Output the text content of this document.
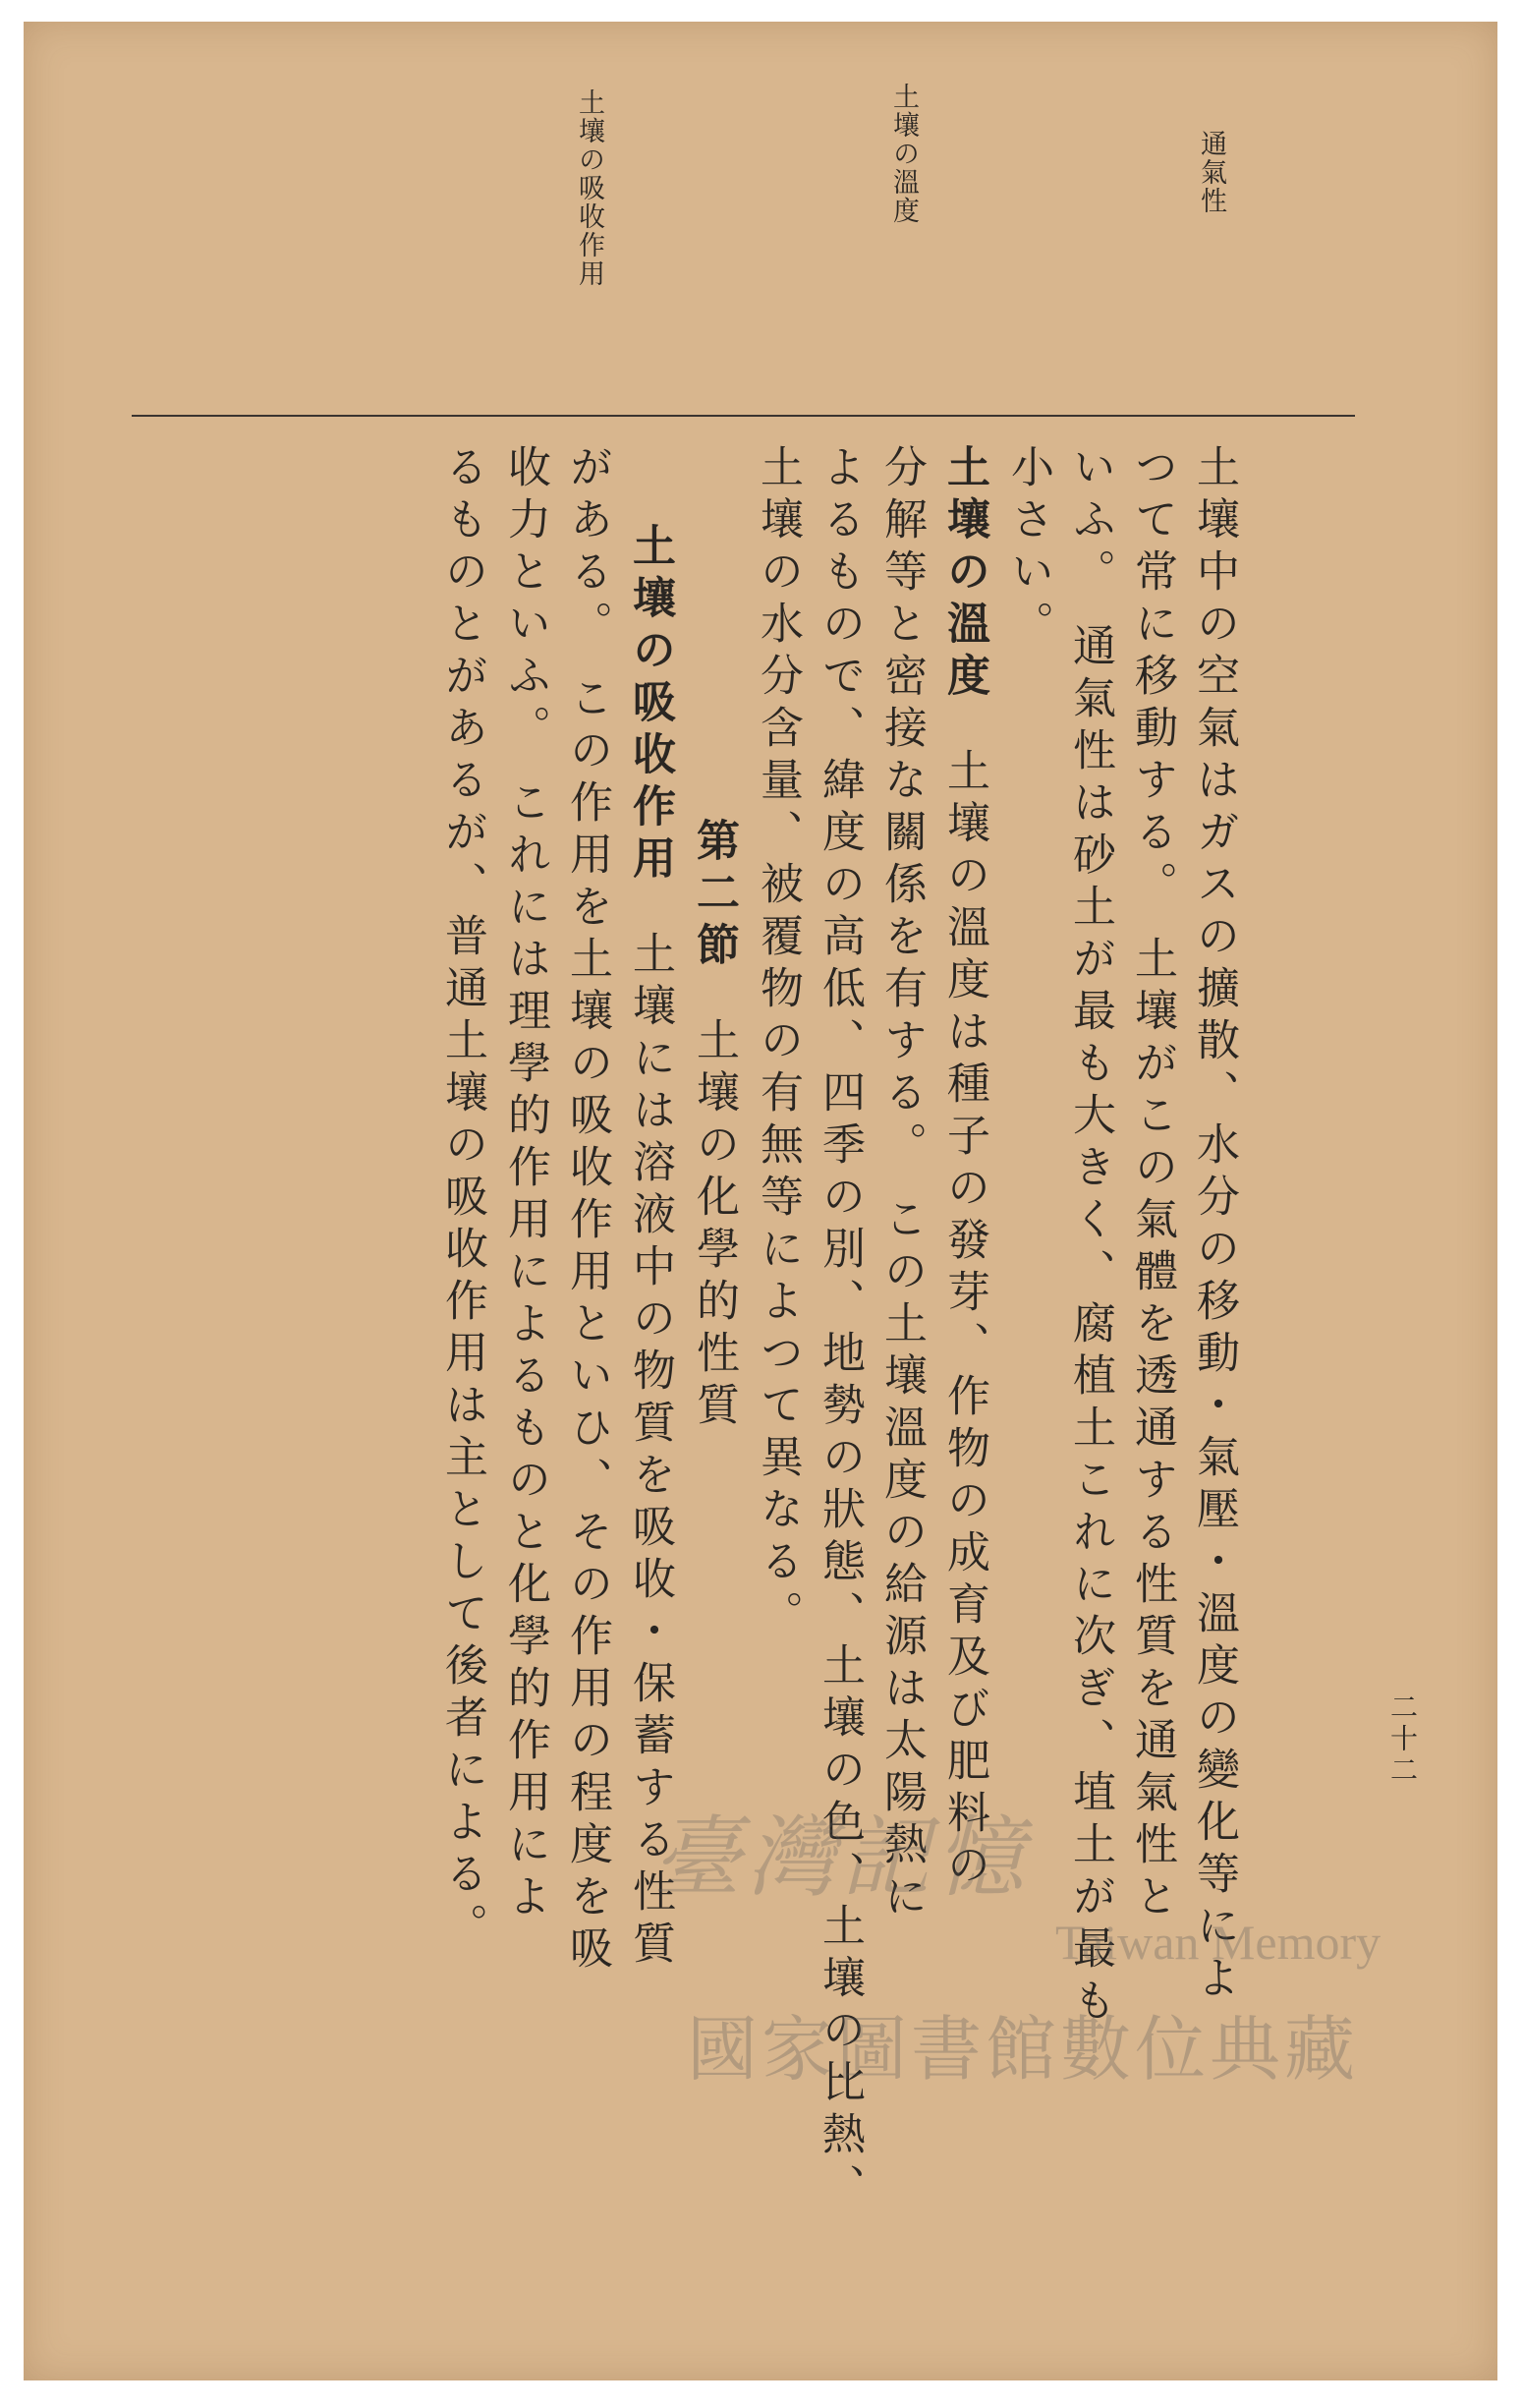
通氣性
土壤の溫度
土壤の吸收作用
土壤中の空氣はガスの擴散、水分の移動・氣壓・溫度の變化等によ
つて常に移動する。 土壤がこの氣體を透通する性質を通氣性と
いふ。 通氣性は砂土が最も大きく、腐植土これに次ぎ、埴土が最も
小さい。
土壤の溫度土壤の溫度は種子の發芽、作物の成育及び肥料の
分解等と密接な關係を有する。 この土壤溫度の給源は太陽熱に
よるもので、緯度の高低、四季の別、地勢の狀態、土壤の色、土壤の比熱、
土壤の水分含量、被覆物の有無等によつて異なる。
第二節土壤の化學的性質
土壤の吸收作用土壤には溶液中の物質を吸收・保蓄する性質
がある。 この作用を土壤の吸收作用といひ、その作用の程度を吸
收力といふ。 これには理學的作用によるものと化學的作用によ
るものとがあるが、普通土壤の吸收作用は主として後者による。	二十二
臺灣記憶
Taiwan Memory
國家圖書館數位典藏
